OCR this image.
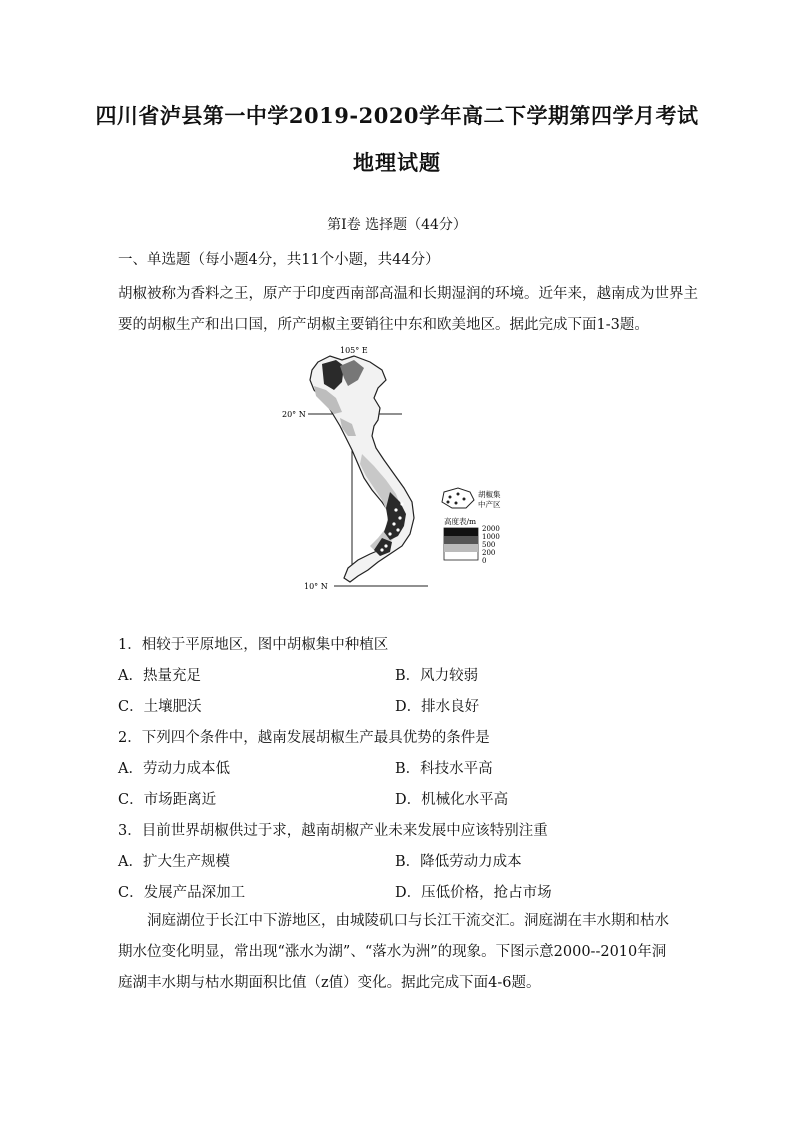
四川省泸县第一中学2019-2020学年高二下学期第四学月考试
地理试题
第Ⅰ卷 选择题（44分）
一、单选题（每小题4分，共11个小题，共44分）
胡椒被称为香料之王，原产于印度西南部高温和长期湿润的环境。近年来，越南成为世界主
要的胡椒生产和出口国，所产胡椒主要销往中东和欧美地区。据此完成下面1-3题。
105° E
20° N
10° N
胡椒集
中产区
高度表/m
2000
1000
500
200
0
1．相较于平原地区，图中胡椒集中种植区
A．热量充足	B．风力较弱
C．土壤肥沃	D．排水良好
2．下列四个条件中，越南发展胡椒生产最具优势的条件是
A．劳动力成本低	B．科技水平高
C．市场距离近	D．机械化水平高
3．目前世界胡椒供过于求，越南胡椒产业未来发展中应该特别注重
A．扩大生产规模	B．降低劳动力成本
C．发展产品深加工	D．压低价格，抢占市场
洞庭湖位于长江中下游地区，由城陵矶口与长江干流交汇。洞庭湖在丰水期和枯水期水位变化明显，常出现“涨水为湖”、“落水为洲”的现象。下图示意2000--2010年洞庭湖丰水期与枯水期面积比值（z值）变化。据此完成下面4-6题。
